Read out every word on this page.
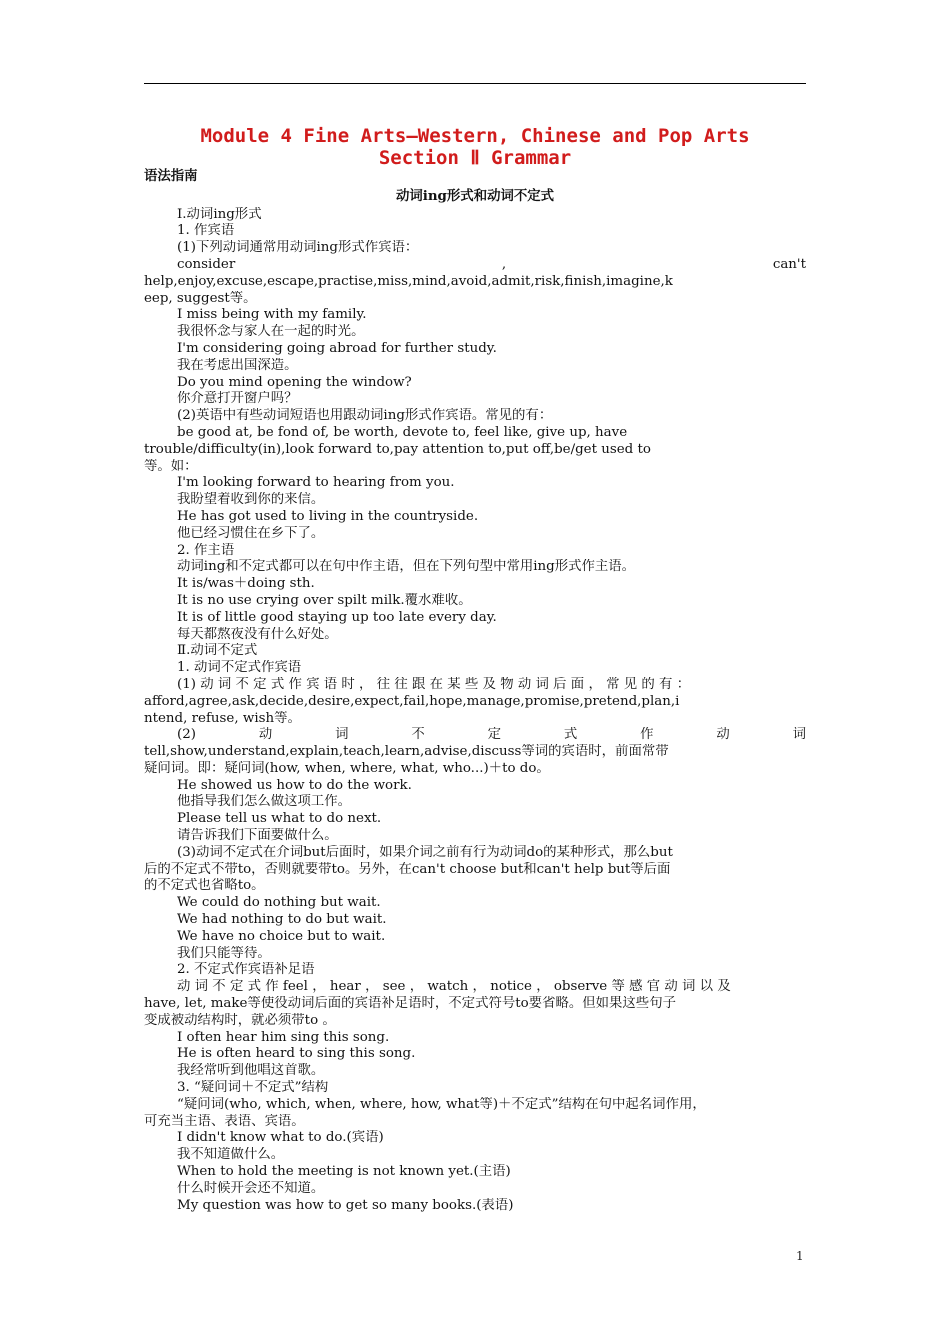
Module 4 Fine Arts—Western, Chinese and Pop Arts
Section Ⅱ Grammar
语法指南
动词ing形式和动词不定式
Ⅰ.动词ing形式
1. 作宾语
(1)下列动词通常用动词ing形式作宾语：
consider	,	can't
help,enjoy,excuse,escape,practise,miss,mind,avoid,admit,risk,finish,imagine,k
eep, suggest等。
I miss being with my family.
我很怀念与家人在一起的时光。
I'm considering going abroad for further study.
我在考虑出国深造。
Do you mind opening the window?
你介意打开窗户吗？
(2)英语中有些动词短语也用跟动词ing形式作宾语。常见的有：
be good at, be fond of, be worth, devote to, feel like, give up, have
trouble/difficulty(in),look forward to,pay attention to,put off,be/get used to
等。如：
I'm looking forward to hearing from you.
我盼望着收到你的来信。
He has got used to living in the countryside.
他已经习惯住在乡下了。
2. 作主语
动词ing和不定式都可以在句中作主语，但在下列句型中常用ing形式作主语。
It is/was＋doing sth.
It is no use crying over spilt milk.覆水难收。
It is of little good staying up too late every day.
每天都熬夜没有什么好处。
Ⅱ.动词不定式
1. 动词不定式作宾语
(1) 动 词 不 定 式 作 宾 语 时 ， 往 往 跟 在 某 些 及 物 动 词 后 面 ， 常 见 的 有 ：
afford,agree,ask,decide,desire,expect,fail,hope,manage,promise,pretend,plan,i
ntend, refuse, wish等。
(2)	动	词	不	定	式	作	动	词
tell,show,understand,explain,teach,learn,advise,discuss等词的宾语时，前面常带
疑问词。即：疑问词(how, when, where, what, who...)＋to do。
He showed us how to do the work.
他指导我们怎么做这项工作。
Please tell us what to do next.
请告诉我们下面要做什么。
(3)动词不定式在介词but后面时，如果介词之前有行为动词do的某种形式，那么but
后的不定式不带to，否则就要带to。另外，在can't choose but和can't help but等后面
的不定式也省略to。
We could do nothing but wait.
We had nothing to do but wait.
We have no choice but to wait.
我们只能等待。
2. 不定式作宾语补足语
动 词 不 定 式 作 feel ， hear ， see ， watch ， notice ， observe 等 感 官 动 词 以 及
have, let, make等使役动词后面的宾语补足语时，不定式符号to要省略。但如果这些句子
变成被动结构时，就必须带to 。
I often hear him sing this song.
He is often heard to sing this song.
我经常听到他唱这首歌。
3. “疑问词＋不定式”结构
“疑问词(who, which, when, where, how, what等)＋不定式”结构在句中起名词作用，
可充当主语、表语、宾语。
I didn't know what to do.(宾语)
我不知道做什么。
When to hold the meeting is not known yet.(主语)
什么时候开会还不知道。
My question was how to get so many books.(表语)
1
